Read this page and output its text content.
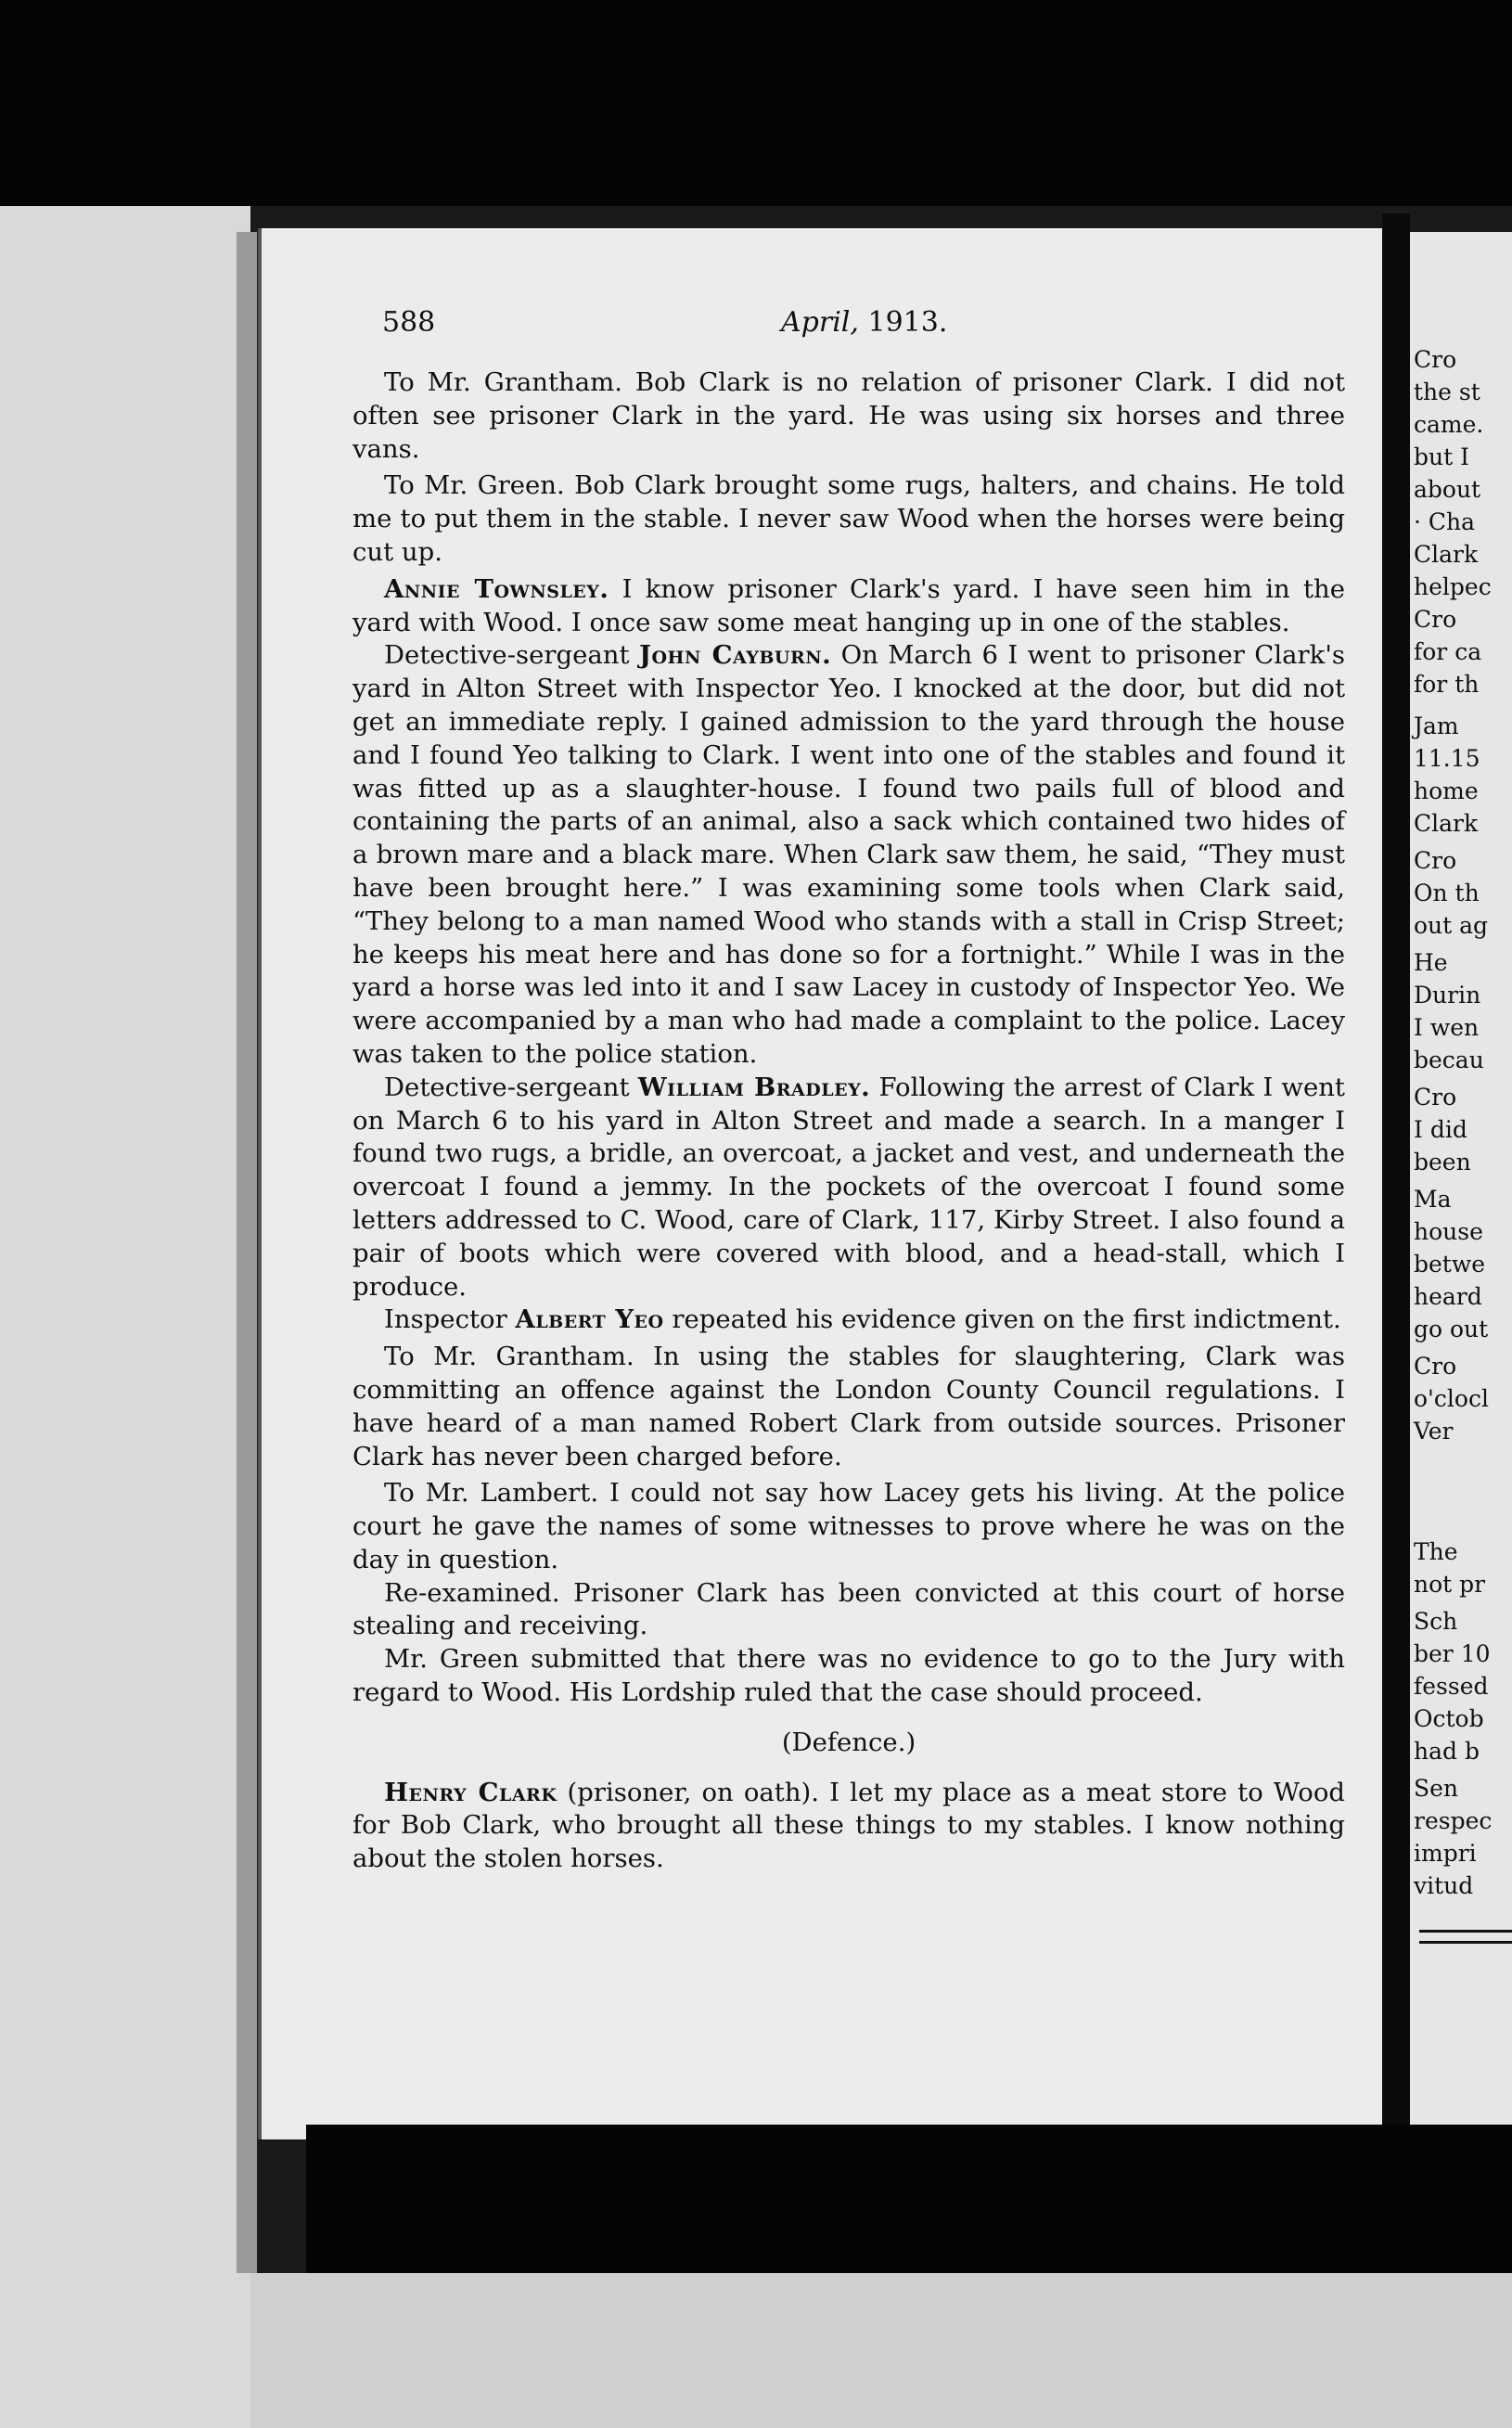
Cro
the st
came.
but I
about
· Cha
Clark
helpec
Cro
for ca
for th
Jam
11.15
home
Clark
Cro
On th
out ag
He
Durin
I wen
becau
Cro
I did
been
Ma
house
betwe
heard
go out
Cro
o'clocl
Ver
The
not pr
Sch
ber 10
fessed
Octob
had b
Sen
respec
impri
vitud
588	April, 1913.

To Mr. Grantham. Bob Clark is no relation of prisoner Clark. I did not often see prisoner Clark in the yard. He was using six horses and three vans.

To Mr. Green. Bob Clark brought some rugs, halters, and chains. He told me to put them in the stable. I never saw Wood when the horses were being cut up.

Annie Townsley. I know prisoner Clark's yard. I have seen him in the yard with Wood. I once saw some meat hanging up in one of the stables.

Detective-sergeant John Cayburn. On March 6 I went to prisoner Clark's yard in Alton Street with Inspector Yeo. I knocked at the door, but did not get an immediate reply. I gained admission to the yard through the house and I found Yeo talking to Clark. I went into one of the stables and found it was fitted up as a slaughter-house. I found two pails full of blood and containing the parts of an animal, also a sack which contained two hides of a brown mare and a black mare. When Clark saw them, he said, “They must have been brought here.” I was examining some tools when Clark said, “They belong to a man named Wood who stands with a stall in Crisp Street; he keeps his meat here and has done so for a fortnight.” While I was in the yard a horse was led into it and I saw Lacey in custody of Inspector Yeo. We were accompanied by a man who had made a complaint to the police. Lacey was taken to the police station.

Detective-sergeant William Bradley. Following the arrest of Clark I went on March 6 to his yard in Alton Street and made a search. In a manger I found two rugs, a bridle, an overcoat, a jacket and vest, and underneath the overcoat I found a jemmy. In the pockets of the overcoat I found some letters addressed to C. Wood, care of Clark, 117, Kirby Street. I also found a pair of boots which were covered with blood, and a head-stall, which I produce.

Inspector Albert Yeo repeated his evidence given on the first indictment.

To Mr. Grantham. In using the stables for slaughtering, Clark was committing an offence against the London County Council regulations. I have heard of a man named Robert Clark from outside sources. Prisoner Clark has never been charged before.

To Mr. Lambert. I could not say how Lacey gets his living. At the police court he gave the names of some witnesses to prove where he was on the day in question.

Re-examined. Prisoner Clark has been convicted at this court of horse stealing and receiving.

Mr. Green submitted that there was no evidence to go to the Jury with regard to Wood. His Lordship ruled that the case should proceed.

(Defence.)

Henry Clark (prisoner, on oath). I let my place as a meat store to Wood for Bob Clark, who brought all these things to my stables. I know nothing about the stolen horses.
